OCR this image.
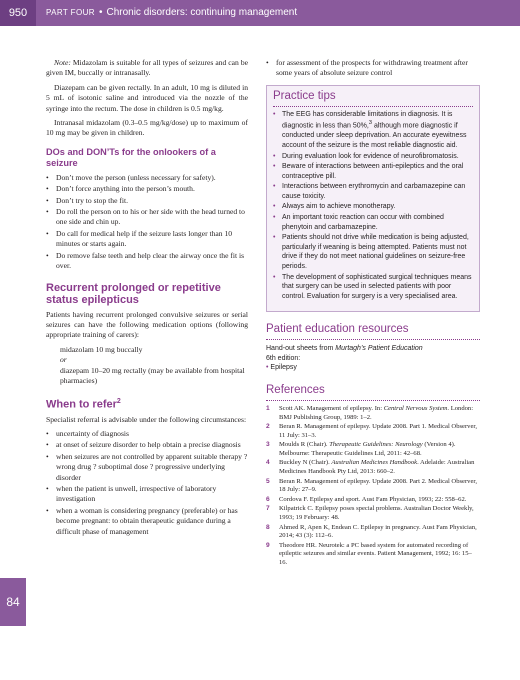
950	PART FOUR • Chronic disorders: continuing management
84

Note: Midazolam is suitable for all types of seizures and can be given IM, buccally or intranasally.

Diazepam can be given rectally. In an adult, 10 mg is diluted in 5 mL of isotonic saline and introduced via the nozzle of the syringe into the rectum. The dose in children is 0.5 mg/kg.

Intranasal midazolam (0.3–0.5 mg/kg/dose) up to maximum of 10 mg may be given in children.

DOs and DON’Ts for the onlookers of a seizure
• Don’t move the person (unless necessary for safety).
• Don’t force anything into the person’s mouth.
• Don’t try to stop the fit.
• Do roll the person on to his or her side with the head turned to one side and chin up.
• Do call for medical help if the seizure lasts longer than 10 minutes or starts again.
• Do remove false teeth and help clear the airway once the fit is over.
Recurrent prolonged or repetitive status epilepticus

Patients having recurrent prolonged convulsive seizures or serial seizures can have the following medication options (following appropriate training of carers):

midazolam 10 mg buccally
or
diazepam 10–20 mg rectally (may be available from hospital pharmacies)
When to refer$^2$

Specialist referral is advisable under the following circumstances:

• uncertainty of diagnosis
• at onset of seizure disorder to help obtain a precise diagnosis
• when seizures are not controlled by apparent suitable therapy ? wrong drug ? suboptimal dose ? progressive underlying disorder
• when the patient is unwell, irrespective of laboratory investigation
• when a woman is considering pregnancy (preferable) or has become pregnant: to obtain therapeutic guidance during a difficult phase of management
• for assessment of the prospects for withdrawing treatment after some years of absolute seizure control
Practice tips
• The EEG has considerable limitations in diagnosis. It is diagnostic in less than 50%,$^3$ although more diagnostic if conducted under sleep deprivation. An accurate eyewitness account of the seizure is the most reliable diagnostic aid.
• During evaluation look for evidence of neurofibromatosis.
• Beware of interactions between anti-epileptics and the oral contraceptive pill.
• Interactions between erythromycin and carbamazepine can cause toxicity.
• Always aim to achieve monotherapy.
• An important toxic reaction can occur with combined phenytoin and carbamazepine.
• Patients should not drive while medication is being adjusted, particularly if weaning is being attempted. Patients must not drive if they do not meet national guidelines on seizure-free periods.
• The development of sophisticated surgical techniques means that surgery can be used in selected patients with poor control. Evaluation for surgery is a very specialised area.
Patient education resources
Hand-out sheets from Murtagh’s Patient Education
6th edition:
• Epilepsy
References
1 Scott AK. Management of epilepsy. In: Central Nervous System. London: BMJ Publishing Group, 1989: 1–2.
2 Beran R. Management of epilepsy. Update 2008. Part 1. Medical Observer, 11 July: 31–3.
3 Moulds R (Chair). Therapeutic Guidelines: Neurology (Version 4). Melbourne: Therapeutic Guidelines Ltd, 2011: 42–68.
4 Buckley N (Chair). Australian Medicines Handbook. Adelaide: Australian Medicines Handbook Pty Ltd, 2013: 660–2.
5 Beran R. Management of epilepsy. Update 2008. Part 2. Medical Observer, 18 July: 27–9.
6 Cordova F. Epilepsy and sport. Aust Fam Physician, 1993; 22: 558–62.
7 Kilpatrick C. Epilepsy poses special problems. Australian Doctor Weekly, 1993; 19 February: 48.
8 Ahmed R, Apen K, Endean C. Epilepsy in pregnancy. Aust Fam Physician, 2014; 43 (3): 112–6.
9 Theodore HR. Neurotek: a PC based system for automated recording of epileptic seizures and similar events. Patient Management, 1992; 16: 15–16.
